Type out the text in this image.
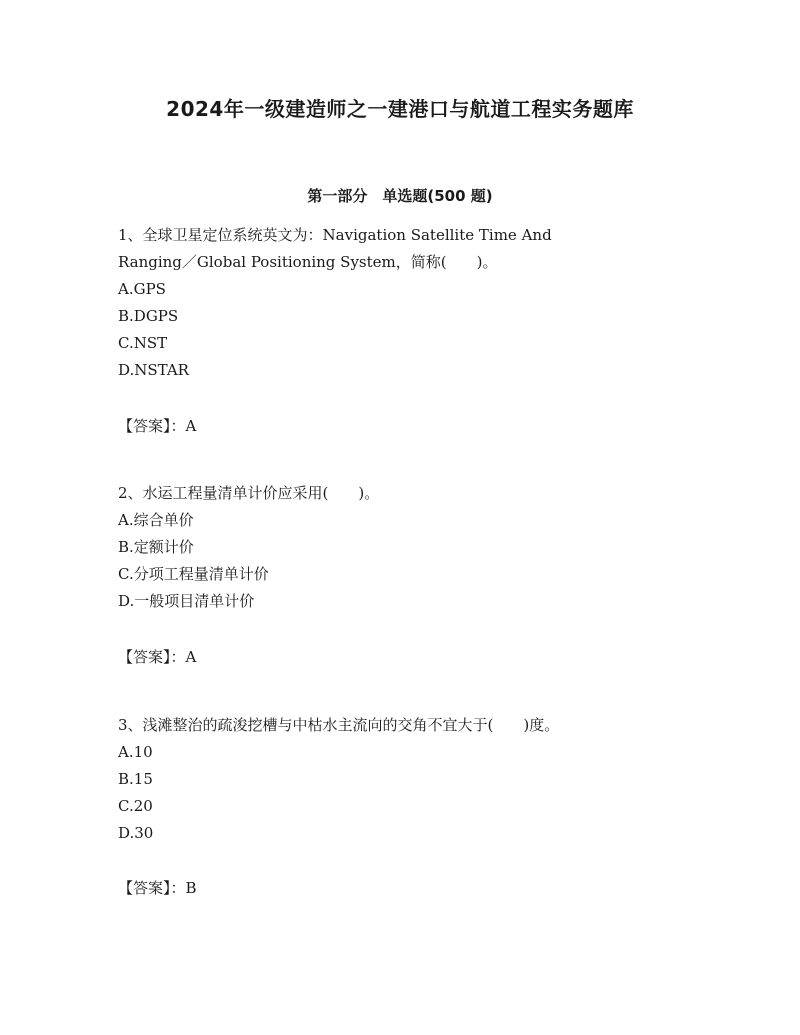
2024年一级建造师之一建港口与航道工程实务题库
第一部分　单选题(500 题)
1、全球卫星定位系统英文为：Navigation Satellite Time And
Ranging／Global Positioning System，简称(　　)。
A.GPS
B.DGPS
C.NST
D.NSTAR
【答案】：A
2、水运工程量清单计价应采用(　　)。
A.综合单价
B.定额计价
C.分项工程量清单计价
D.一般项目清单计价
【答案】：A
3、浅滩整治的疏浚挖槽与中枯水主流向的交角不宜大于(　　)度。
A.10
B.15
C.20
D.30
【答案】：B
